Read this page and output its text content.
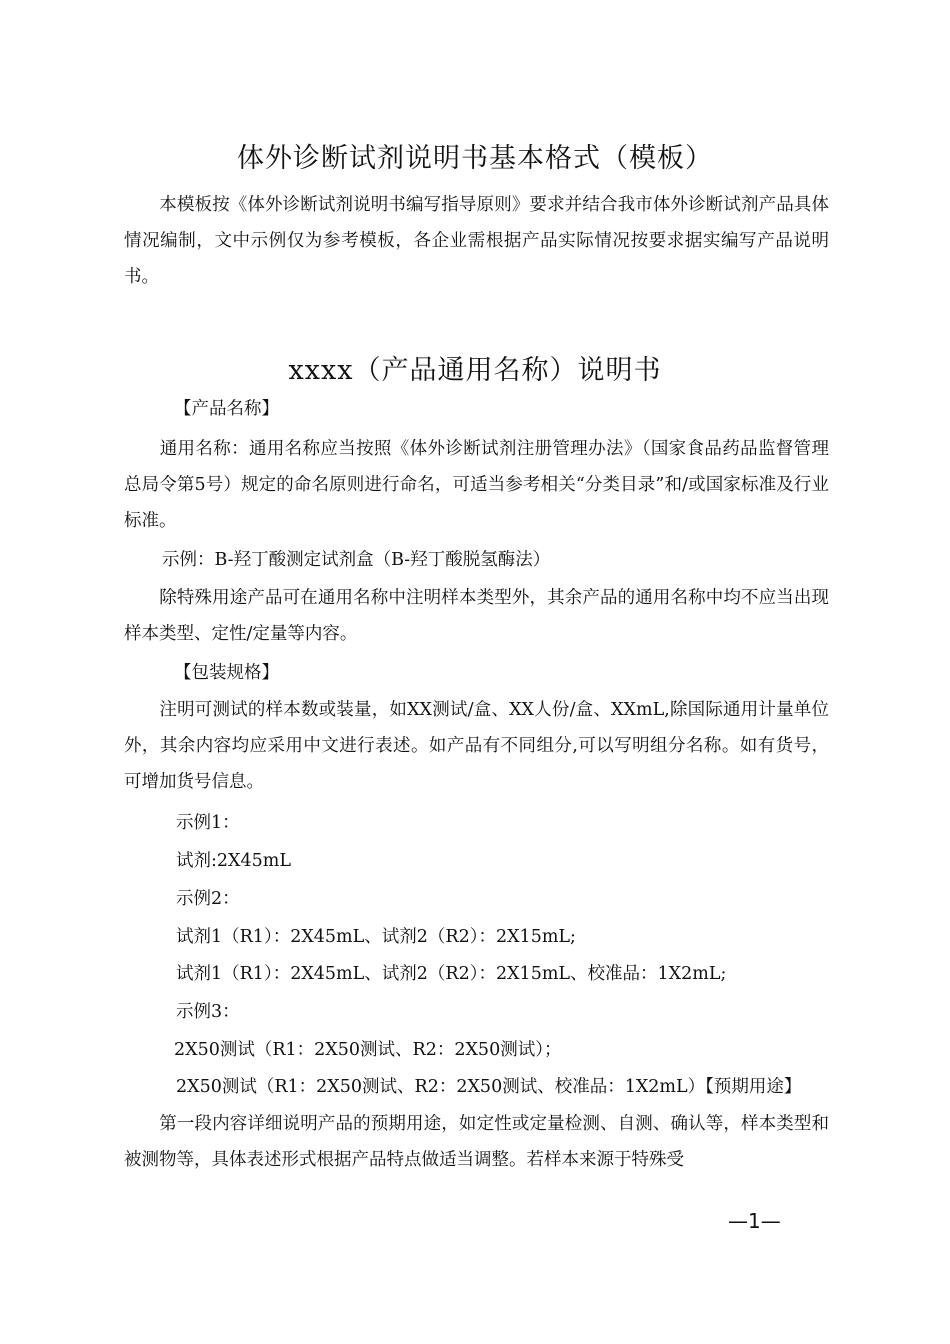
体外诊断试剂说明书基本格式（模板）
　　本模板按《体外诊断试剂说明书编写指导原则》要求并结合我市体外诊断试剂产品具体情况编制，文中示例仅为参考模板，各企业需根据产品实际情况按要求据实编写产品说明书。
xxxx（产品通用名称）说明书
【产品名称】
　　通用名称：通用名称应当按照《体外诊断试剂注册管理办法》（国家食品药品监督管理总局令第5号）规定的命名原则进行命名，可适当参考相关“分类目录”和/或国家标准及行业标准。
示例：B-羟丁酸测定试剂盒（B-羟丁酸脱氢酶法）
　　除特殊用途产品可在通用名称中注明样本类型外，其余产品的通用名称中均不应当出现样本类型、定性/定量等内容。
【包装规格】
　　注明可测试的样本数或装量，如XX测试/盒、XX人份/盒、XXmL,除国际通用计量单位外，其余内容均应采用中文进行表述。如产品有不同组分,可以写明组分名称。如有货号，可增加货号信息。
示例1：
试剂:2X45mL
示例2：
试剂1（R1）：2X45mL、试剂2（R2）：2X15mL;
试剂1（R1）：2X45mL、试剂2（R2）：2X15mL、校准品：1X2mL;
示例3：
2X50测试（R1：2X50测试、R2：2X50测试）；
2X50测试（R1：2X50测试、R2：2X50测试、校准品：1X2mL）【预期用途】
　　第一段内容详细说明产品的预期用途，如定性或定量检测、自测、确认等，样本类型和被测物等，具体表述形式根据产品特点做适当调整。若样本来源于特殊受
—1—
